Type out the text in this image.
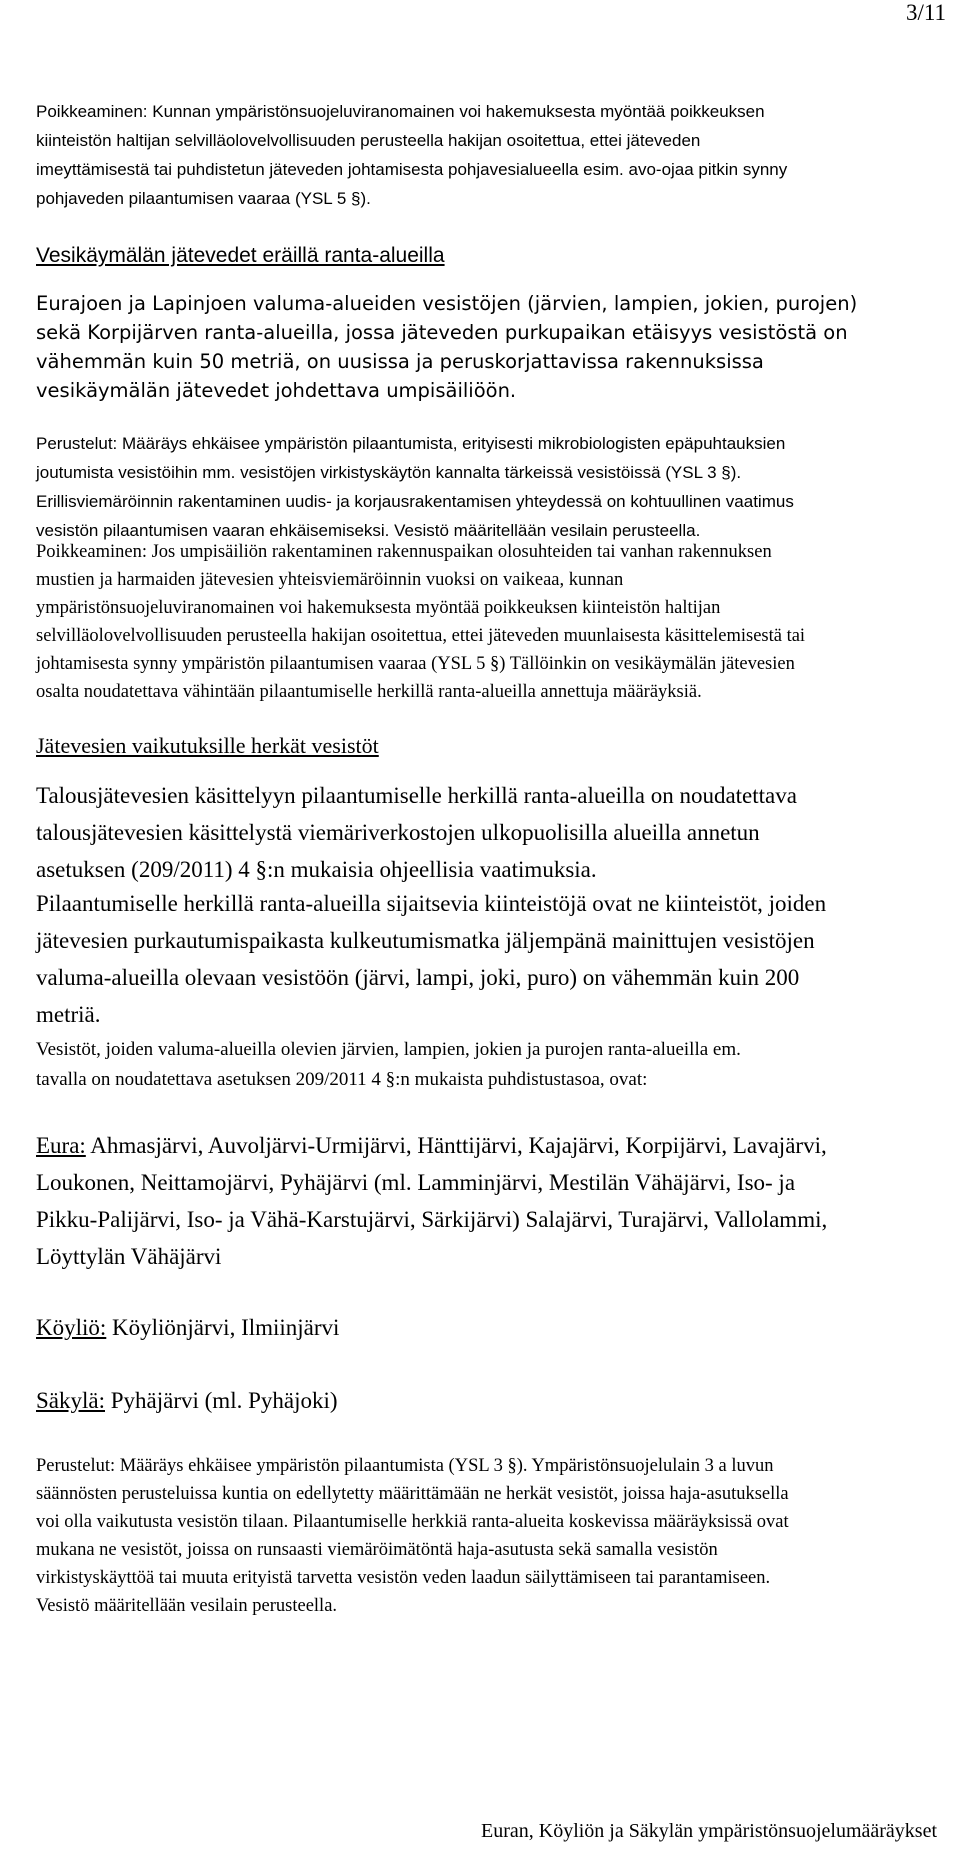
3/11
Poikkeaminen: Kunnan ympäristönsuojeluviranomainen voi hakemuksesta myöntää poikkeuksen
kiinteistön haltijan selvilläolovelvollisuuden perusteella hakijan osoitettua, ettei jäteveden
imeyttämisestä tai puhdistetun jäteveden johtamisesta pohjavesialueella esim. avo-ojaa pitkin synny
pohjaveden pilaantumisen vaaraa (YSL 5 §).
Vesikäymälän jätevedet eräillä ranta-alueilla
Eurajoen ja Lapinjoen valuma-alueiden vesistöjen (järvien, lampien, jokien, purojen)
sekä Korpijärven ranta-alueilla, jossa jäteveden purkupaikan etäisyys vesistöstä on
vähemmän kuin 50 metriä, on uusissa ja peruskorjattavissa rakennuksissa
vesikäymälän jätevedet johdettava umpisäiliöön.
Perustelut: Määräys ehkäisee ympäristön pilaantumista, erityisesti mikrobiologisten epäpuhtauksien
joutumista vesistöihin mm. vesistöjen virkistyskäytön kannalta tärkeissä vesistöissä (YSL 3 §).
Erillisviemäröinnin rakentaminen uudis- ja korjausrakentamisen yhteydessä on kohtuullinen vaatimus
vesistön pilaantumisen vaaran ehkäisemiseksi. Vesistö määritellään vesilain perusteella.
Poikkeaminen: Jos umpisäiliön rakentaminen rakennuspaikan olosuhteiden tai vanhan rakennuksen
mustien ja harmaiden jätevesien yhteisviemäröinnin vuoksi on vaikeaa, kunnan
ympäristönsuojeluviranomainen voi hakemuksesta myöntää poikkeuksen kiinteistön haltijan
selvilläolovelvollisuuden perusteella hakijan osoitettua, ettei jäteveden muunlaisesta käsittelemisestä tai
johtamisesta synny ympäristön pilaantumisen vaaraa (YSL 5 §) Tällöinkin on vesikäymälän jätevesien
osalta noudatettava vähintään pilaantumiselle herkillä ranta-alueilla annettuja määräyksiä.
Jätevesien vaikutuksille herkät vesistöt
Talousjätevesien käsittelyyn pilaantumiselle herkillä ranta-alueilla on noudatettava
talousjätevesien käsittelystä viemäriverkostojen ulkopuolisilla alueilla annetun
asetuksen (209/2011) 4 §:n mukaisia ohjeellisia vaatimuksia.
Pilaantumiselle herkillä ranta-alueilla sijaitsevia kiinteistöjä ovat ne kiinteistöt, joiden
jätevesien purkautumispaikasta kulkeutumismatka jäljempänä mainittujen vesistöjen
valuma-alueilla olevaan vesistöön (järvi, lampi, joki, puro) on vähemmän kuin 200
metriä.
Vesistöt, joiden valuma-alueilla olevien järvien, lampien, jokien ja purojen ranta-alueilla em.
tavalla on noudatettava asetuksen 209/2011 4 §:n mukaista puhdistustasoa, ovat:
Eura: Ahmasjärvi, Auvoljärvi-Urmijärvi, Hänttijärvi, Kajajärvi, Korpijärvi, Lavajärvi,
Loukonen, Neittamojärvi, Pyhäjärvi (ml. Lamminjärvi, Mestilän Vähäjärvi, Iso- ja
Pikku-Palijärvi, Iso- ja Vähä-Karstujärvi, Särkijärvi) Salajärvi, Turajärvi, Vallolammi,
Löyttylän Vähäjärvi
Köyliö: Köyliönjärvi, Ilmiinjärvi
Säkylä: Pyhäjärvi (ml. Pyhäjoki)
Perustelut: Määräys ehkäisee ympäristön pilaantumista (YSL 3 §). Ympäristönsuojelulain 3 a luvun
säännösten perusteluissa kuntia on edellytetty määrittämään ne herkät vesistöt, joissa haja-asutuksella
voi olla vaikutusta vesistön tilaan. Pilaantumiselle herkkiä ranta-alueita koskevissa määräyksissä ovat
mukana ne vesistöt, joissa on runsaasti viemäröimätöntä haja-asutusta sekä samalla vesistön
virkistyskäyttöä tai muuta erityistä tarvetta vesistön veden laadun säilyttämiseen tai parantamiseen.
Vesistö määritellään vesilain perusteella.
Euran, Köyliön ja Säkylän ympäristönsuojelumääräykset
